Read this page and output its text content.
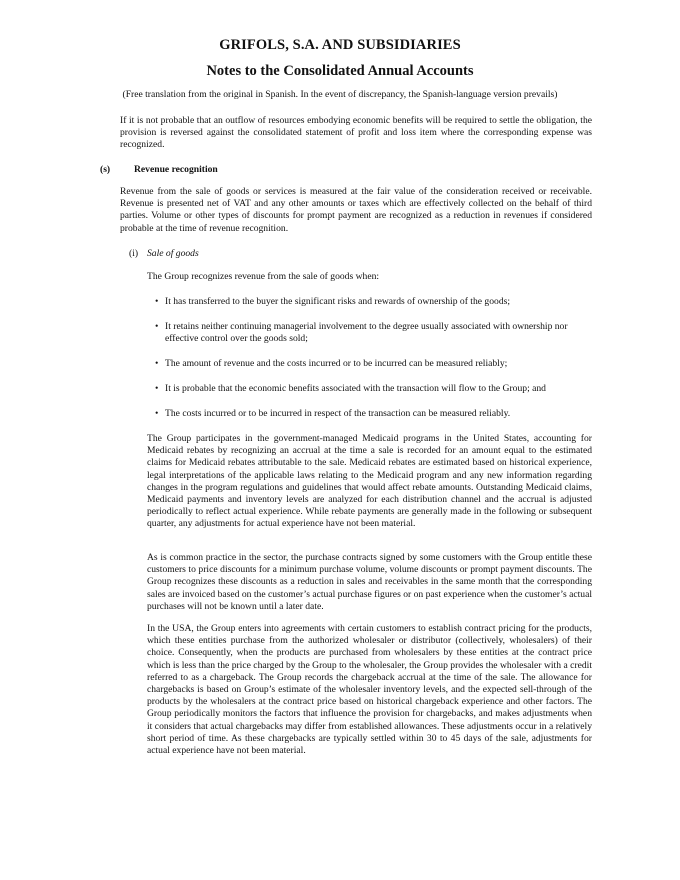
GRIFOLS, S.A. AND SUBSIDIARIES
Notes to the Consolidated Annual Accounts
(Free translation from the original in Spanish. In the event of discrepancy, the Spanish-language version prevails)

If it is not probable that an outflow of resources embodying economic benefits will be required to settle the obligation, the provision is reversed against the consolidated statement of profit and loss item where the corresponding expense was recognized.

(s) Revenue recognition

Revenue from the sale of goods or services is measured at the fair value of the consideration received or receivable. Revenue is presented net of VAT and any other amounts or taxes which are effectively collected on the behalf of third parties. Volume or other types of discounts for prompt payment are recognized as a reduction in revenues if considered probable at the time of revenue recognition.

(i) Sale of goods

The Group recognizes revenue from the sale of goods when:

• It has transferred to the buyer the significant risks and rewards of ownership of the goods;

• It retains neither continuing managerial involvement to the degree usually associated with ownership nor effective control over the goods sold;

• The amount of revenue and the costs incurred or to be incurred can be measured reliably;

• It is probable that the economic benefits associated with the transaction will flow to the Group; and

• The costs incurred or to be incurred in respect of the transaction can be measured reliably.

The Group participates in the government-managed Medicaid programs in the United States, accounting for Medicaid rebates by recognizing an accrual at the time a sale is recorded for an amount equal to the estimated claims for Medicaid rebates attributable to the sale. Medicaid rebates are estimated based on historical experience, legal interpretations of the applicable laws relating to the Medicaid program and any new information regarding changes in the program regulations and guidelines that would affect rebate amounts. Outstanding Medicaid claims, Medicaid payments and inventory levels are analyzed for each distribution channel and the accrual is adjusted periodically to reflect actual experience. While rebate payments are generally made in the following or subsequent quarter, any adjustments for actual experience have not been material.

As is common practice in the sector, the purchase contracts signed by some customers with the Group entitle these customers to price discounts for a minimum purchase volume, volume discounts or prompt payment discounts. The Group recognizes these discounts as a reduction in sales and receivables in the same month that the corresponding sales are invoiced based on the customer’s actual purchase figures or on past experience when the customer’s actual purchases will not be known until a later date.

In the USA, the Group enters into agreements with certain customers to establish contract pricing for the products, which these entities purchase from the authorized wholesaler or distributor (collectively, wholesalers) of their choice. Consequently, when the products are purchased from wholesalers by these entities at the contract price which is less than the price charged by the Group to the wholesaler, the Group provides the wholesaler with a credit referred to as a chargeback. The Group records the chargeback accrual at the time of the sale. The allowance for chargebacks is based on Group’s estimate of the wholesaler inventory levels, and the expected sell-through of the products by the wholesalers at the contract price based on historical chargeback experience and other factors. The Group periodically monitors the factors that influence the provision for chargebacks, and makes adjustments when it considers that actual chargebacks may differ from established allowances. These adjustments occur in a relatively short period of time. As these chargebacks are typically settled within 30 to 45 days of the sale, adjustments for actual experience have not been material.
